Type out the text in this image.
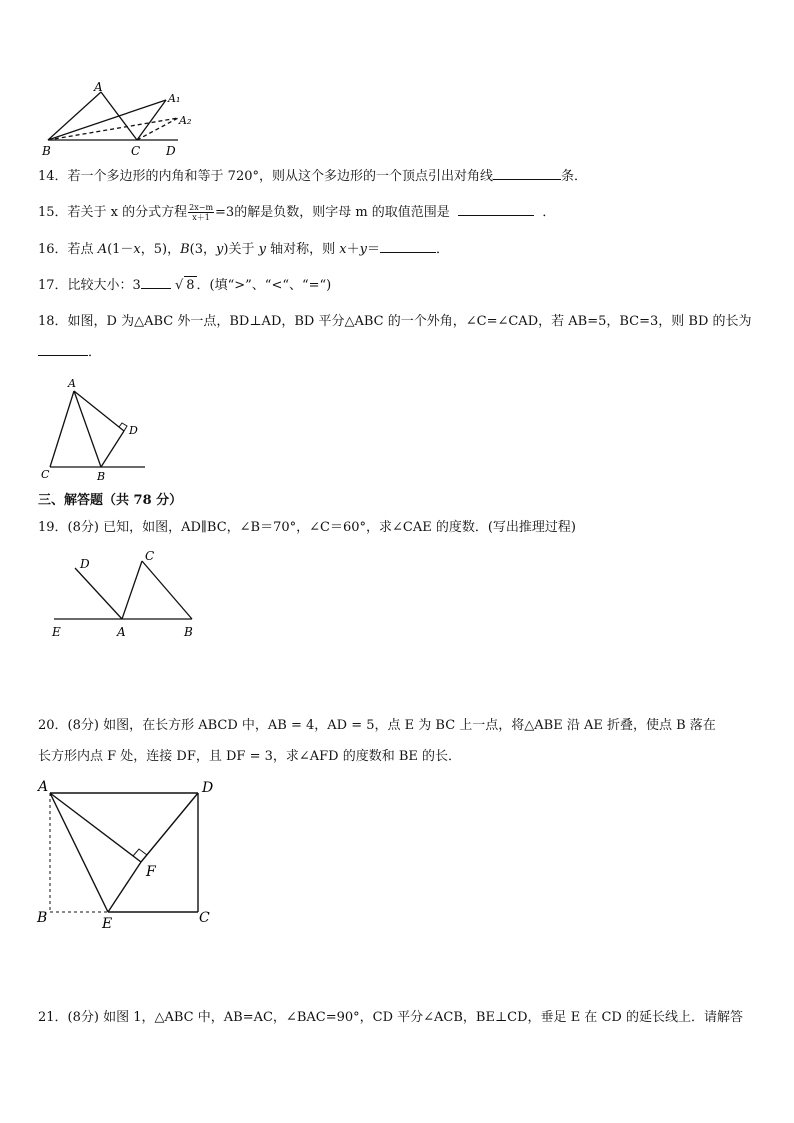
A
A₁
A₂
B	C D
14．若一个多边形的内角和等于 720°，则从这个多边形的一个顶点引出对角线	条．
15．若关于 x 的分式方程 $\frac{2x-m}{x+1} =3$的解是负数，则字母 m 的取值范围是	．
16．若点 A(1－x，5)，B(3，y)关于 y 轴对称，则 x＋y＝	．
17．比较大小：3	√ 8 ．(填“>”、“<“、“=“)
18．如图，D 为△ABC 外一点，BD⊥AD，BD 平分△ABC 的一个外角，∠C=∠CAD，若 AB=5，BC=3，则 BD 的长为
．
A
B
C
D
三、解答题（共 78 分）
19．(8分) 已知，如图，AD∥BC，∠B＝70°，∠C＝60°，求∠CAE 的度数．(写出推理过程)
D
C
E	A	B
20．(8分) 如图，在长方形 ABCD 中，AB = 4，AD = 5，点 E 为 BC 上一点，将△ABE 沿 AE 折叠，使点 B 落在
长方形内点 F 处，连接 DF，且 DF = 3，求∠AFD 的度数和 BE 的长．
A	D
F
B	E	C
21．(8分) 如图 1，△ABC 中，AB=AC，∠BAC=90°，CD 平分∠ACB，BE⊥CD，垂足 E 在 CD 的延长线上．请解答
